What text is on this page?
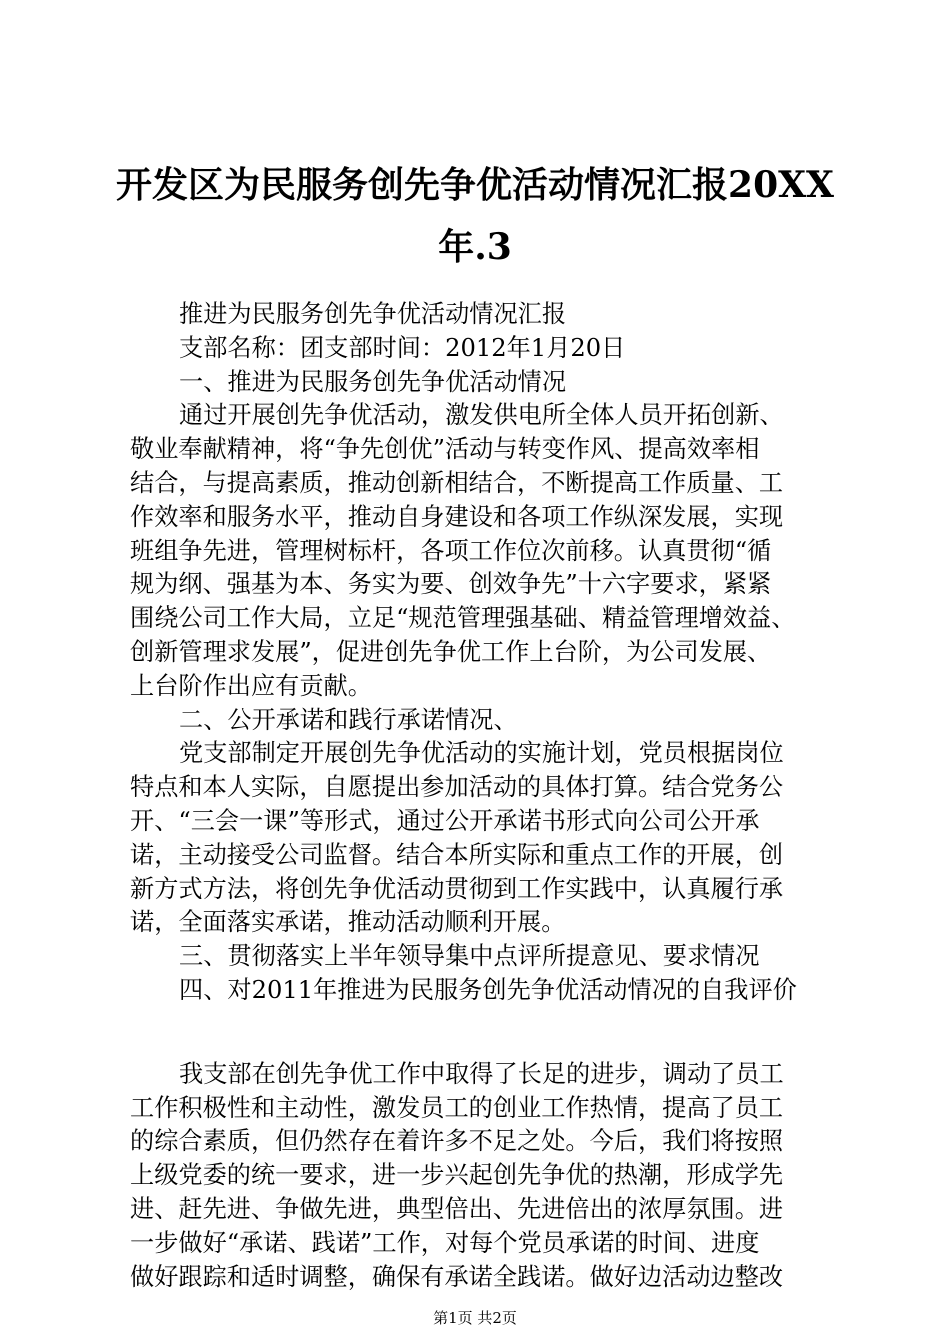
开发区为民服务创先争优活动情况汇报20XX
年.3

推进为民服务创先争优活动情况汇报

支部名称：团支部时间：2012年1月20日

一、推进为民服务创先争优活动情况

通过开展创先争优活动，激发供电所全体人员开拓创新、

敬业奉献精神，将“争先创优”活动与转变作风、提高效率相

结合，与提高素质，推动创新相结合，不断提高工作质量、工

作效率和服务水平，推动自身建设和各项工作纵深发展，实现

班组争先进，管理树标杆，各项工作位次前移。认真贯彻“循

规为纲、强基为本、务实为要、创效争先”十六字要求，紧紧

围绕公司工作大局，立足“规范管理强基础、精益管理增效益、

创新管理求发展”，促进创先争优工作上台阶，为公司发展、

上台阶作出应有贡献。

二、公开承诺和践行承诺情况、

党支部制定开展创先争优活动的实施计划，党员根据岗位

特点和本人实际，自愿提出参加活动的具体打算。结合党务公

开、“三会一课”等形式，通过公开承诺书形式向公司公开承

诺，主动接受公司监督。结合本所实际和重点工作的开展，创

新方式方法，将创先争优活动贯彻到工作实践中，认真履行承

诺，全面落实承诺，推动活动顺利开展。

三、贯彻落实上半年领导集中点评所提意见、要求情况

四、对2011年推进为民服务创先争优活动情况的自我评价

我支部在创先争优工作中取得了长足的进步，调动了员工

工作积极性和主动性，激发员工的创业工作热情，提高了员工

的综合素质，但仍然存在着许多不足之处。今后，我们将按照

上级党委的统一要求，进一步兴起创先争优的热潮，形成学先

进、赶先进、争做先进，典型倍出、先进倍出的浓厚氛围。进

一步做好“承诺、践诺”工作，对每个党员承诺的时间、进度

做好跟踪和适时调整，确保有承诺全践诺。做好边活动边整改

第1页 共2页
